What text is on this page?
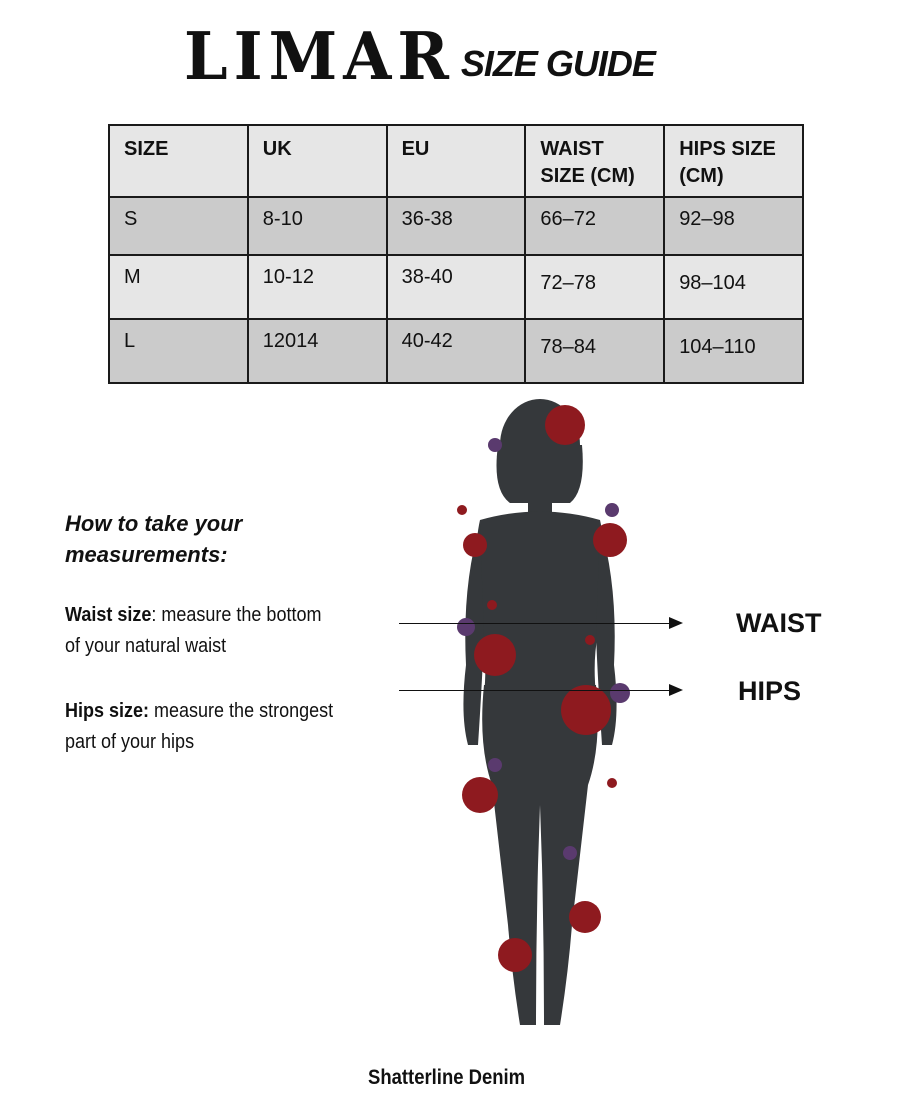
LIMAR SIZE GUIDE
SIZE	UK	EU	WAIST SIZE (CM)	HIPS SIZE (CM)
S	8-10	36-38	66–72	92–98
M	10-12	38-40	72–78	98–104
L	12014	40-42	78–84	104–110
How to take your measurements:
Waist size: measure the bottom of your natural waist
Hips size: measure the strongest part of your hips
WAIST
HIPS
Shatterline Denim
